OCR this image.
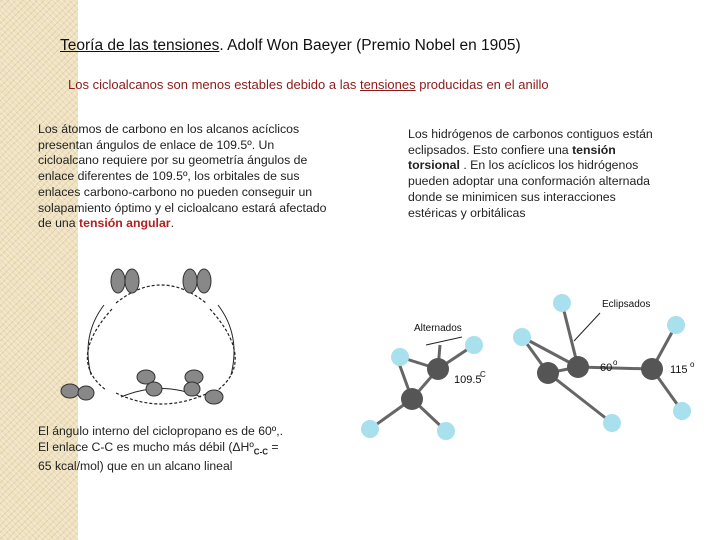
Teoría de las tensiones. Adolf Won Baeyer (Premio Nobel en 1905)
Los cicloalcanos son menos estables debido a las tensiones producidas en el anillo
Los átomos de carbono en los alcanos acíclicos presentan ángulos de enlace de 109.5º. Un cicloalcano requiere por su geometría ángulos de enlace diferentes de 109.5º, los orbitales de sus enlaces carbono-carbono no pueden conseguir un solapamiento óptimo y el cicloalcano estará afectado de una tensión angular.
Los hidrógenos de carbonos contiguos están eclipsados. Esto confiere una tensión torsional . En los acíclicos los hidrógenos pueden adoptar una conformación alternada donde se minimicen sus interacciones estéricas y orbitálicas
El ángulo interno del ciclopropano es de 60º,. El enlace C-C es mucho más débil (ΔHº$_{C-C}$ = 65 kcal/mol) que en un alcano lineal
Alternados
Eclipsados
109.5
C
60 o
115 o
